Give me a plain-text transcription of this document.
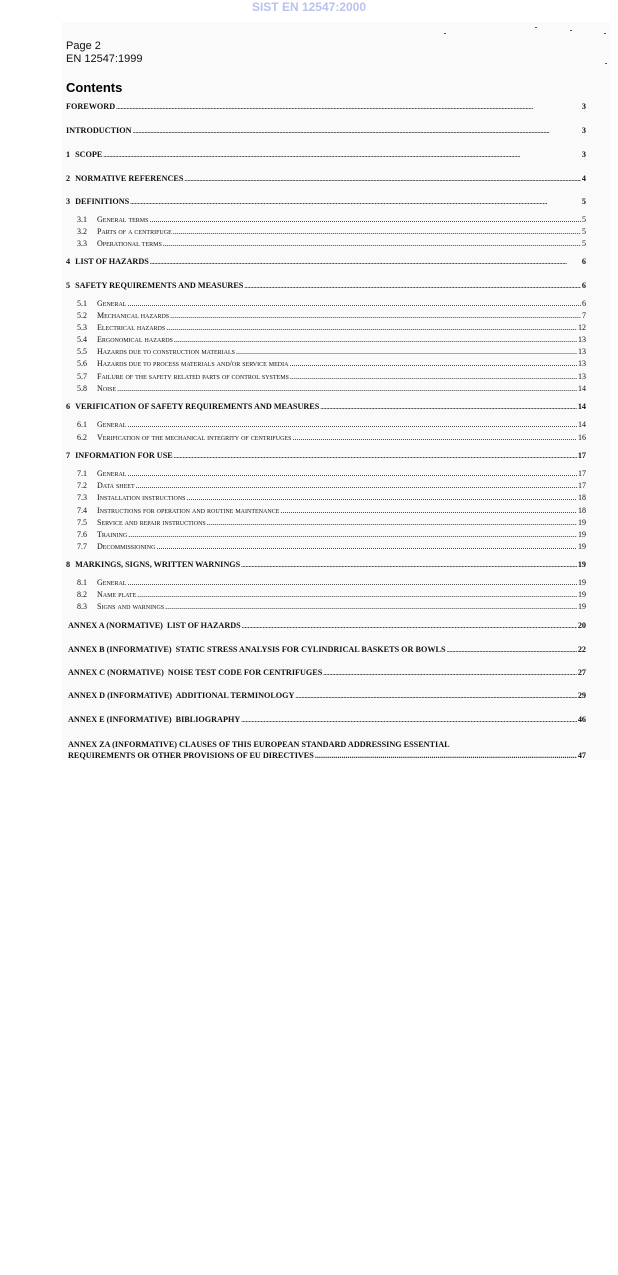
SIST EN 12547:2000
Page 2
EN 12547:1999
Contents
FOREWORD .....	3
INTRODUCTION .....	3
1 SCOPE .....	3
2 NORMATIVE REFERENCES .....	4
3 DEFINITIONS .....	5
3.1	General terms .....	5
3.2	Parts of a centrifuge .....	5
3.3	Operational terms .....	5
4 LIST OF HAZARDS .....	6
5 SAFETY REQUIREMENTS AND MEASURES .....	6
5.1	General .....	6
5.2	Mechanical hazards .....	7
5.3	Electrical hazards .....	12
5.4	Ergonomical hazards .....	13
5.5	Hazards due to construction materials .....	13
5.6	Hazards due to process materials and/or service media .....	13
5.7	Failure of the safety related parts of control systems .....	13
5.8	Noise .....	14
6 VERIFICATION OF SAFETY REQUIREMENTS AND MEASURES .....	14
6.1	General .....	14
6.2	Verification of the mechanical integrity of centrifuges .....	16
7 INFORMATION FOR USE .....	17
7.1	General .....	17
7.2	Data sheet .....	17
7.3	Installation instructions .....	18
7.4	Instructions for operation and routine maintenance .....	18
7.5	Service and repair instructions .....	19
7.6	Training .....	19
7.7	Decommissioning .....	19
8 MARKINGS, SIGNS, WRITTEN WARNINGS .....	19
8.1	General .....	19
8.2	Name plate .....	19
8.3	Signs and warnings .....	19
ANNEX A (NORMATIVE)  LIST OF HAZARDS .....	20
ANNEX B (INFORMATIVE)  STATIC STRESS ANALYSIS FOR CYLINDRICAL BASKETS OR BOWLS .....	22
ANNEX C (NORMATIVE)  NOISE TEST CODE FOR CENTRIFUGES .....	27
ANNEX D (INFORMATIVE)  ADDITIONAL TERMINOLOGY .....	29
ANNEX E (INFORMATIVE)  BIBLIOGRAPHY .....	46
ANNEX ZA (INFORMATIVE) CLAUSES OF THIS EUROPEAN STANDARD ADDRESSING ESSENTIAL
REQUIREMENTS OR OTHER PROVISIONS OF EU DIRECTIVES .....	47
